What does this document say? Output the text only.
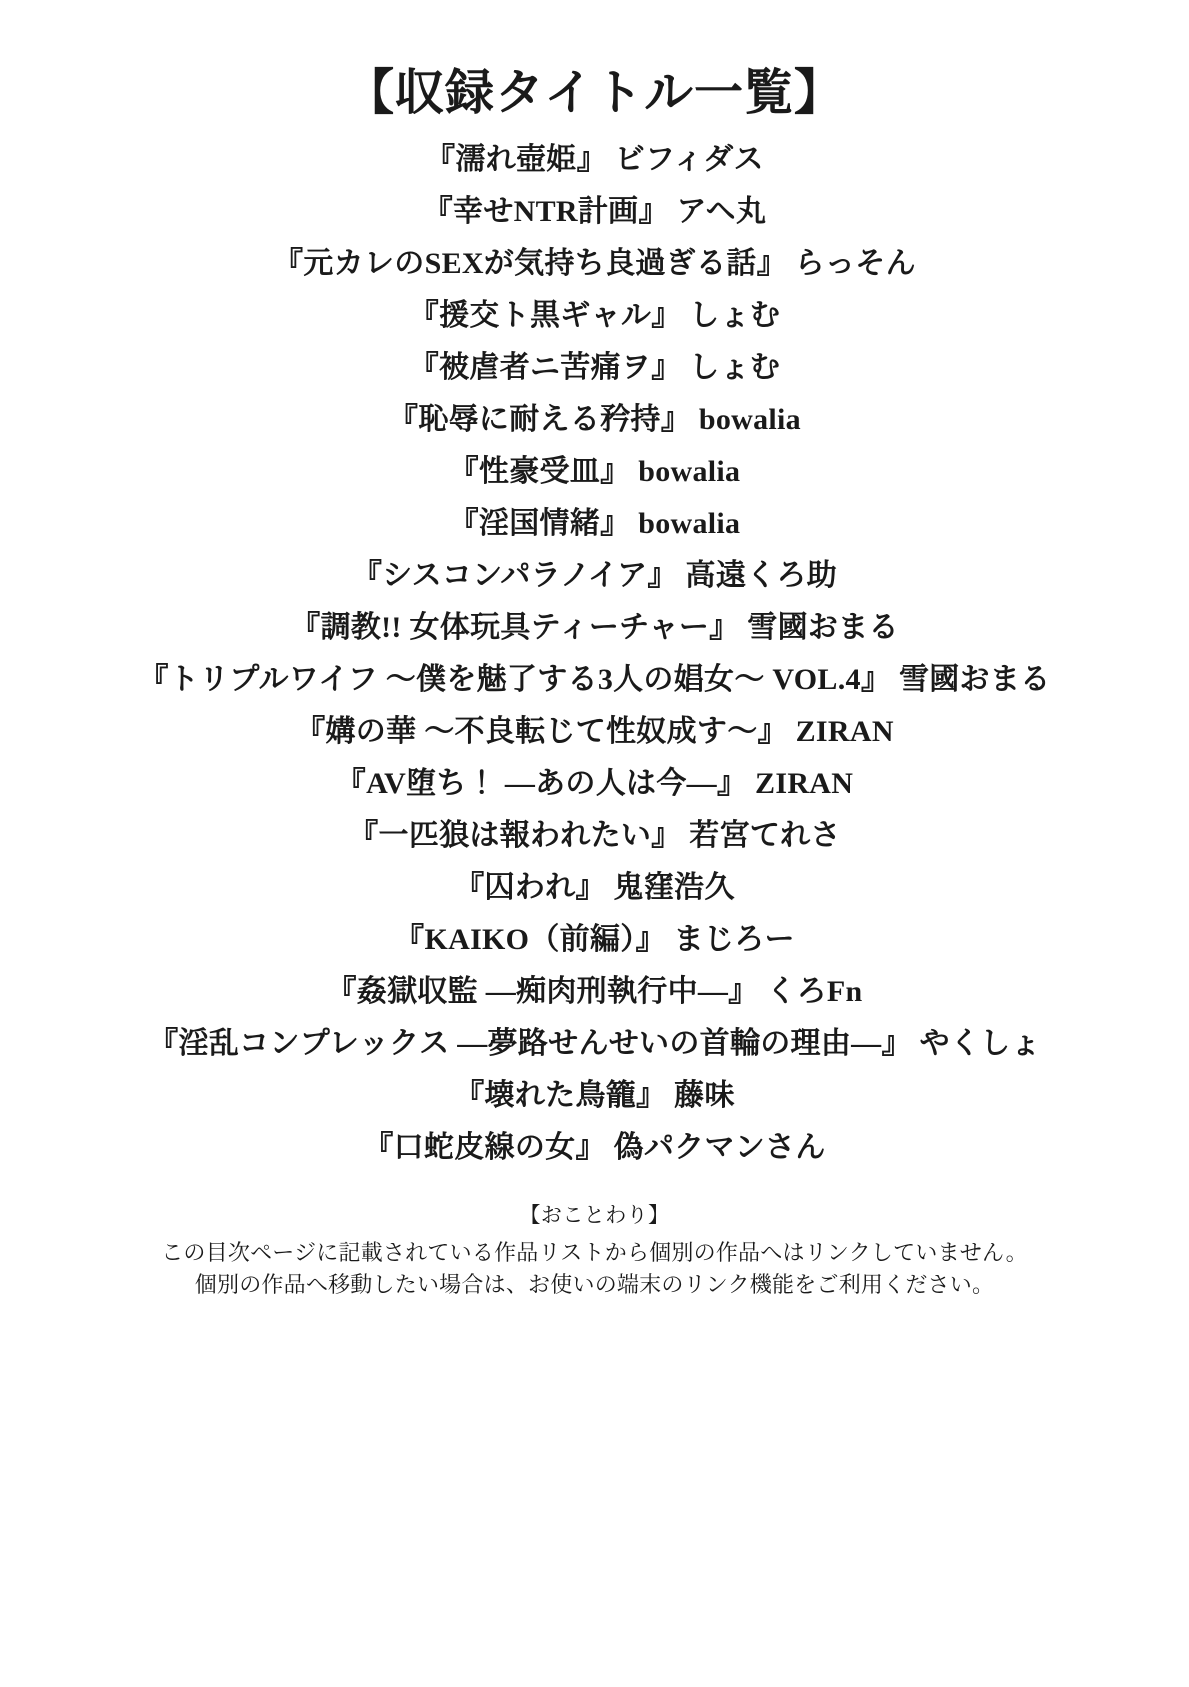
【収録タイトル一覧】
『濡れ壺姫』 ビフィダス
『幸せNTR計画』 アヘ丸
『元カレのSEXが気持ち良過ぎる話』 らっそん
『援交ト黒ギャル』 しょむ
『被虐者ニ苦痛ヲ』 しょむ
『恥辱に耐える矜持』 bowalia
『性豪受皿』 bowalia
『淫国情緒』 bowalia
『シスコンパラノイア』 高遠くろ助
『調教!! 女体玩具ティーチャー』 雪國おまる
『トリプルワイフ 〜僕を魅了する3人の娼女〜 VOL.4』 雪國おまる
『媾の華 〜不良転じて性奴成す〜』 ZIRAN
『AV堕ち！ ―あの人は今―』 ZIRAN
『一匹狼は報われたい』 若宮てれさ
『囚われ』 鬼窪浩久
『KAIKO（前編）』 まじろー
『姦獄収監 ―痴肉刑執行中―』 くろFn
『淫乱コンプレックス ―夢路せんせいの首輪の理由―』 やくしょ
『壊れた鳥籠』 藤味
『口蛇皮線の女』 偽パクマンさん
【おことわり】
この目次ページに記載されている作品リストから個別の作品へはリンクしていません。
個別の作品へ移動したい場合は、お使いの端末のリンク機能をご利用ください。
